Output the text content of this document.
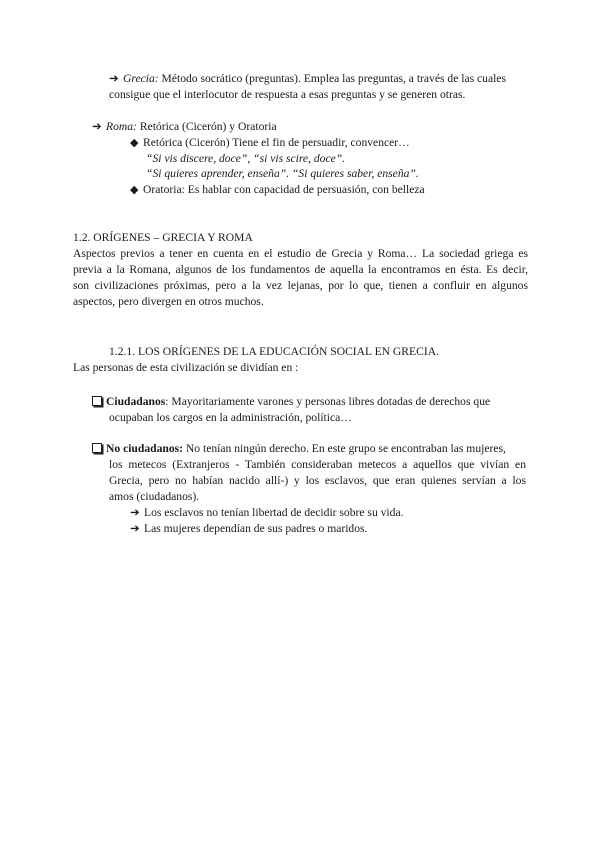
➔ Grecia: Método socrático (preguntas). Emplea las preguntas, a través de las cuales
consigue que el interlocutor de respuesta a esas preguntas y se generen otras.
➔ Roma: Retórica (Cicerón) y Oratoria
◆ Retórica (Cicerón) Tiene el fin de persuadir, convencer…
“Si vis discere, doce”, “si vis scire, doce”.
“Si quieres aprender, enseña”. “Si quieres saber, enseña”.
◆ Oratoria: Es hablar con capacidad de persuasión, con belleza
1.2. ORÍGENES – GRECIA Y ROMA
Aspectos previos a tener en cuenta en el estudio de Grecia y Roma… La sociedad griega es
previa a la Romana, algunos de los fundamentos de aquella la encontramos en ésta. Es decir,
son civilizaciones próximas, pero a la vez lejanas, por lo que, tienen a confluir en algunos
aspectos, pero divergen en otros muchos.
1.2.1. LOS ORÍGENES DE LA EDUCACIÓN SOCIAL EN GRECIA.
Las personas de esta civilización se dividían en :
Ciudadanos: Mayoritariamente varones y personas libres dotadas de derechos que
ocupaban los cargos en la administración, política…
No ciudadanos: No tenían ningún derecho. En este grupo se encontraban las mujeres,
los metecos (Extranjeros - También consideraban metecos a aquellos que vivían en
Grecia, pero no habían nacido allí-) y los esclavos, que eran quienes servían a los
amos (ciudadanos).
➔ Los esclavos no tenían libertad de decidir sobre su vida.
➔ Las mujeres dependían de sus padres o maridos.
